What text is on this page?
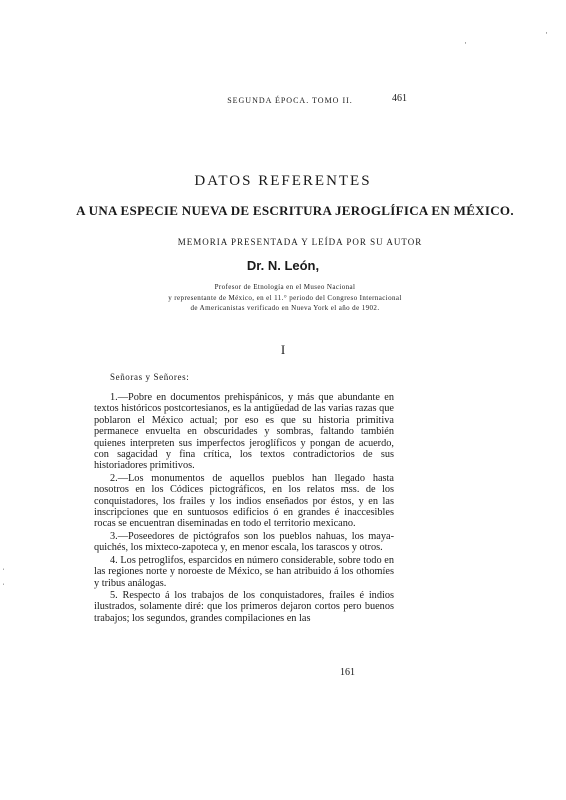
SEGUNDA ÉPOCA. TOMO II.	461
·
·
ˌ
ˌ
DATOS REFERENTES
A UNA ESPECIE NUEVA DE ESCRITURA JEROGLÍFICA EN MÉXICO.
MEMORIA PRESENTADA Y LEÍDA POR SU AUTOR
Dr. N. León,
Profesor de Etnología en el Museo Nacional
y representante de México, en el 11.° periodo del Congreso Internacional
de Americanistas verificado en Nueva York el año de 1902.
I
Señoras y Señores:

1.—Pobre en documentos prehispánicos, y más que abundante en textos históricos postcortesianos, es la antigüedad de las varias razas que poblaron el México actual; por eso es que su historia primitiva permanece envuelta en obscuridades y sombras, faltando también quienes interpreten sus imperfectos jeroglíficos y pongan de acuerdo, con sagacidad y fina crítica, los textos contradictorios de sus historiadores primitivos.

2.—Los monumentos de aquellos pueblos han llegado hasta nosotros en los Códices pictográficos, en los relatos mss. de los conquistadores, los frailes y los indios enseñados por éstos, y en las inscripciones que en suntuosos edificios ó en grandes é inaccesibles rocas se encuentran diseminadas en todo el territorio mexicano.

3.—Poseedores de pictógrafos son los pueblos nahuas, los maya-quichés, los mixteco-zapoteca y, en menor escala, los tarascos y otros.

4. Los petroglifos, esparcidos en número considerable, sobre todo en las regiones norte y noroeste de México, se han atribuido á los othomíes y tribus análogas.

5. Respecto á los trabajos de los conquistadores, frailes é indios ilustrados, solamente diré: que los primeros dejaron cortos pero buenos trabajos; los segundos, grandes compilaciones en las

161
